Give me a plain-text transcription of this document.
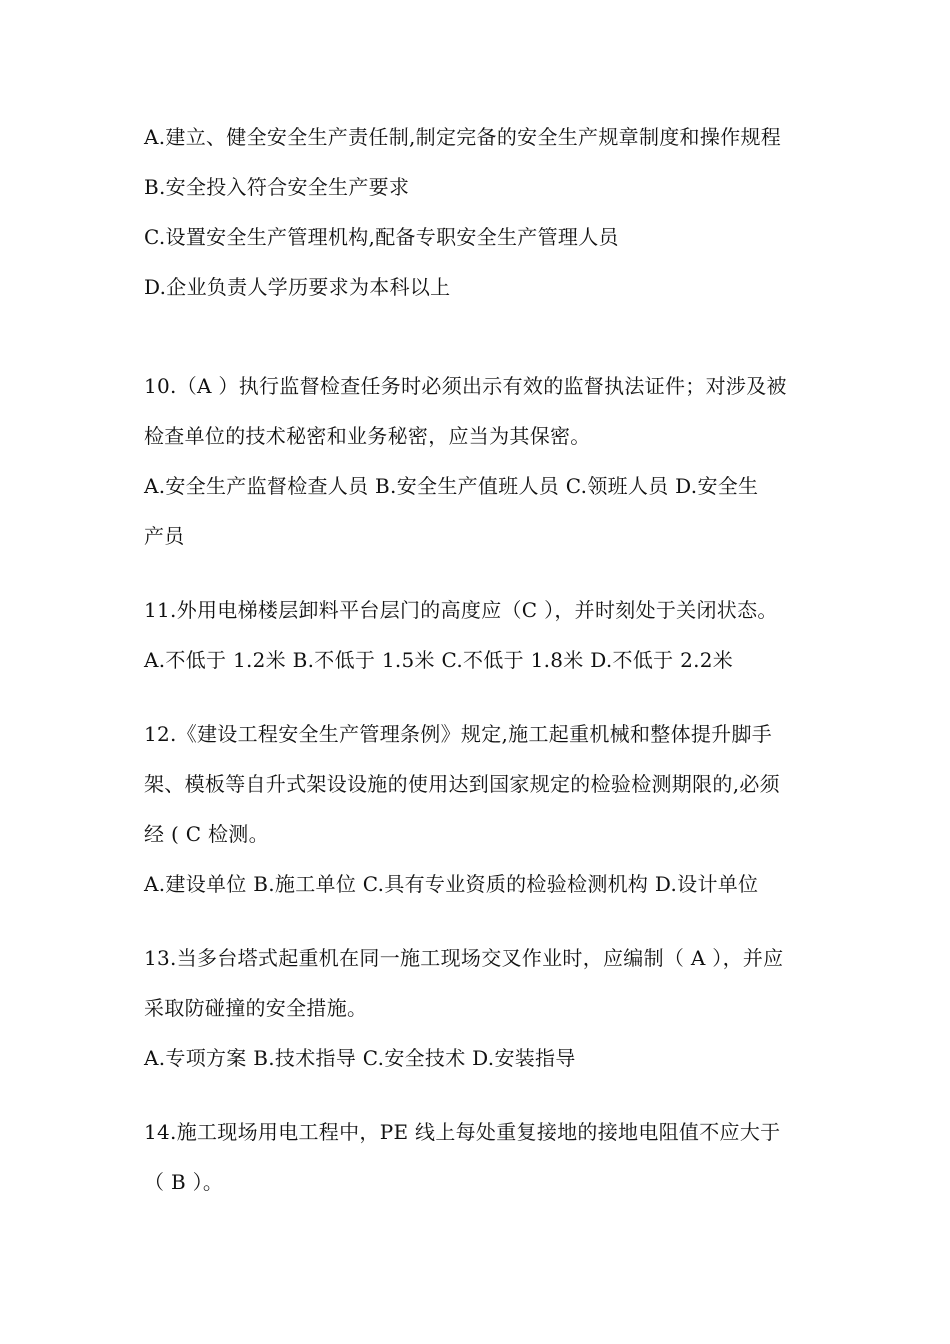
A.建立、健全安全生产责任制,制定完备的安全生产规章制度和操作规程
B.安全投入符合安全生产要求
C.设置安全生产管理机构,配备专职安全生产管理人员
D.企业负责人学历要求为本科以上
10.（A ）执行监督检查任务时必须出示有效的监督执法证件；对涉及被
检查单位的技术秘密和业务秘密，应当为其保密。
A.安全生产监督检查人员 B.安全生产值班人员 C.领班人员 D.安全生
产员
11.外用电梯楼层卸料平台层门的高度应（C ），并时刻处于关闭状态。
A.不低于 1.2米 B.不低于 1.5米 C.不低于 1.8米 D.不低于 2.2米
12.《建设工程安全生产管理条例》规定,施工起重机械和整体提升脚手
架、模板等自升式架设设施的使用达到国家规定的检验检测期限的,必须
经 ( C 检测。
A.建设单位 B.施工单位 C.具有专业资质的检验检测机构 D.设计单位
13.当多台塔式起重机在同一施工现场交叉作业时，应编制（ A ），并应
采取防碰撞的安全措施。
A.专项方案 B.技术指导 C.安全技术 D.安装指导
14.施工现场用电工程中，PE 线上每处重复接地的接地电阻值不应大于
（ B ）。
